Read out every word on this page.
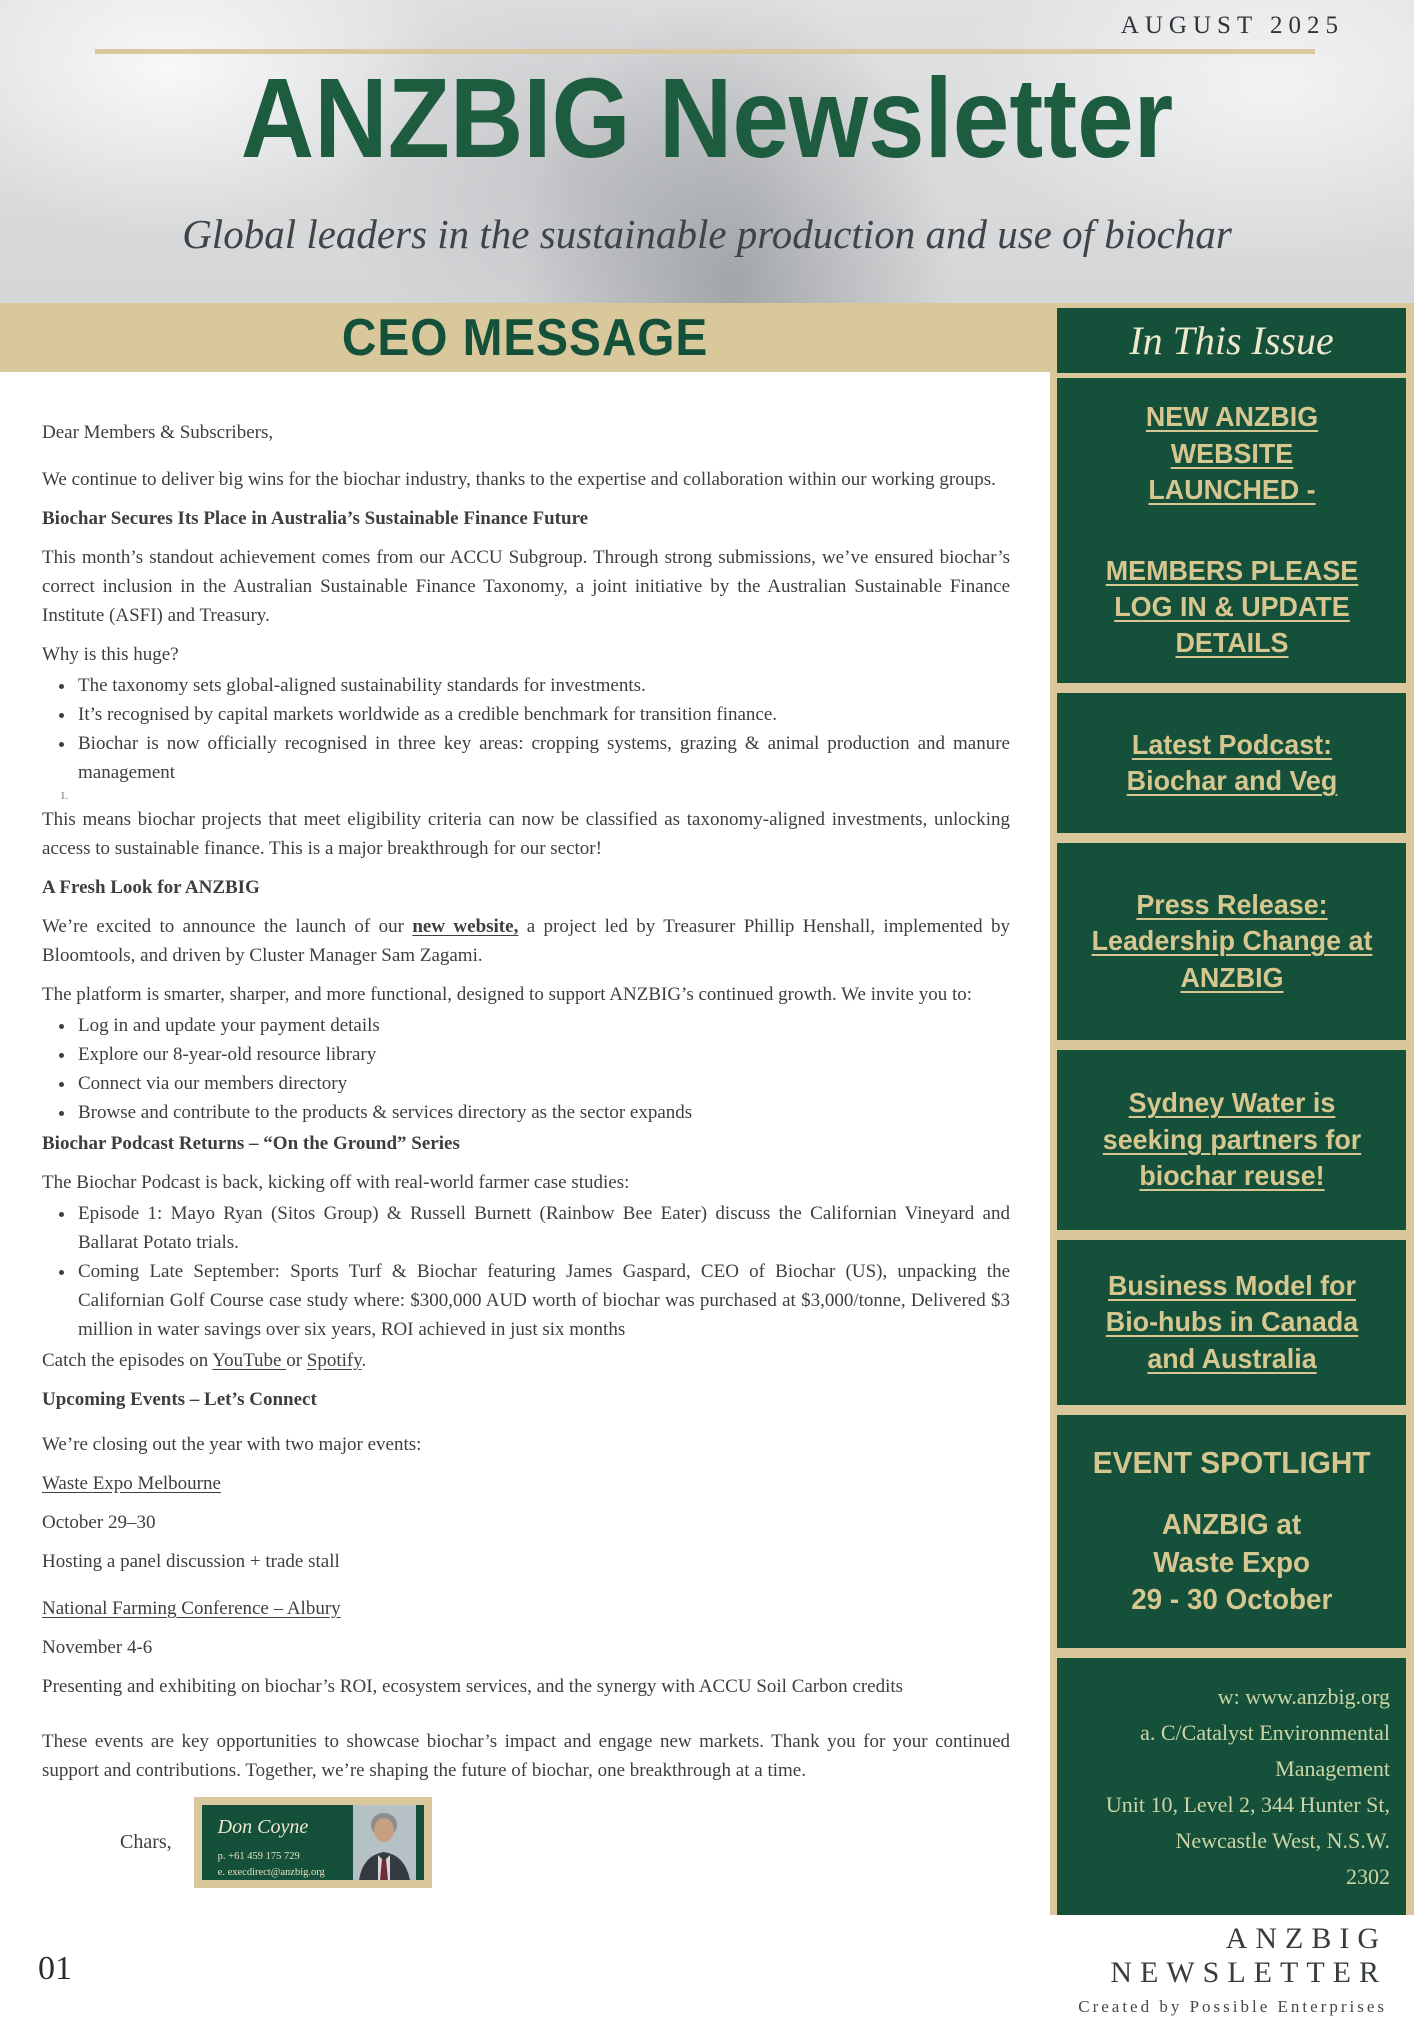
AUGUST 2025
ANZBIG Newsletter
Global leaders in the sustainable production and use of biochar
CEO MESSAGE	In This Issue
NEW ANZBIG WEBSITE LAUNCHED -
MEMBERS PLEASE LOG IN & UPDATE DETAILS
Latest Podcast: Biochar and Veg
Press Release: Leadership Change at ANZBIG
Sydney Water is seeking partners for biochar reuse!
Business Model for Bio-hubs in Canada and Australia
EVENT SPOTLIGHT
ANZBIG at
Waste Expo
29 - 30 October
w: www.anzbig.org
a. C/Catalyst Environmental Management
Unit 10, Level 2, 344 Hunter St,
Newcastle West, N.S.W.
2302

Dear Members & Subscribers,

We continue to deliver big wins for the biochar industry, thanks to the expertise and collaboration within our working groups.

Biochar Secures Its Place in Australia’s Sustainable Finance Future

This month’s standout achievement comes from our ACCU Subgroup. Through strong submissions, we’ve ensured biochar’s correct inclusion in the Australian Sustainable Finance Taxonomy, a joint initiative by the Australian Sustainable Finance Institute (ASFI) and Treasury.

Why is this huge?

• The taxonomy sets global-aligned sustainability standards for investments.
• It’s recognised by capital markets worldwide as a credible benchmark for transition finance.
• Biochar is now officially recognised in three key areas: cropping systems, grazing & animal production and manure management
1.

This means biochar projects that meet eligibility criteria can now be classified as taxonomy-aligned investments, unlocking access to sustainable finance. This is a major breakthrough for our sector!

A Fresh Look for ANZBIG

We’re excited to announce the launch of our new website, a project led by Treasurer Phillip Henshall, implemented by Bloomtools, and driven by Cluster Manager Sam Zagami.

The platform is smarter, sharper, and more functional, designed to support ANZBIG’s continued growth. We invite you to:

• Log in and update your payment details
• Explore our 8-year-old resource library
• Connect via our members directory
• Browse and contribute to the products & services directory as the sector expands

Biochar Podcast Returns – “On the Ground” Series

The Biochar Podcast is back, kicking off with real-world farmer case studies:

• Episode 1: Mayo Ryan (Sitos Group) & Russell Burnett (Rainbow Bee Eater) discuss the Californian Vineyard and Ballarat Potato trials.
• Coming Late September: Sports Turf & Biochar featuring James Gaspard, CEO of Biochar (US), unpacking the Californian Golf Course case study where: $300,000 AUD worth of biochar was purchased at $3,000/tonne, Delivered $3 million in water savings over six years, ROI achieved in just six months

Catch the episodes on YouTube or Spotify.

Upcoming Events – Let’s Connect

We’re closing out the year with two major events:

Waste Expo Melbourne

October 29–30

Hosting a panel discussion + trade stall

National Farming Conference – Albury

November 4-6

Presenting and exhibiting on biochar’s ROI, ecosystem services, and the synergy with ACCU Soil Carbon credits

These events are key opportunities to showcase biochar’s impact and engage new markets. Thank you for your continued support and contributions. Together, we’re shaping the future of biochar, one breakthrough at a time.

Chars,
Don Coyne
p. +61 459 175 729
e. execdirect@anzbig.org
ANZBIG NEWSLETTER
Created by Possible Enterprises
01
